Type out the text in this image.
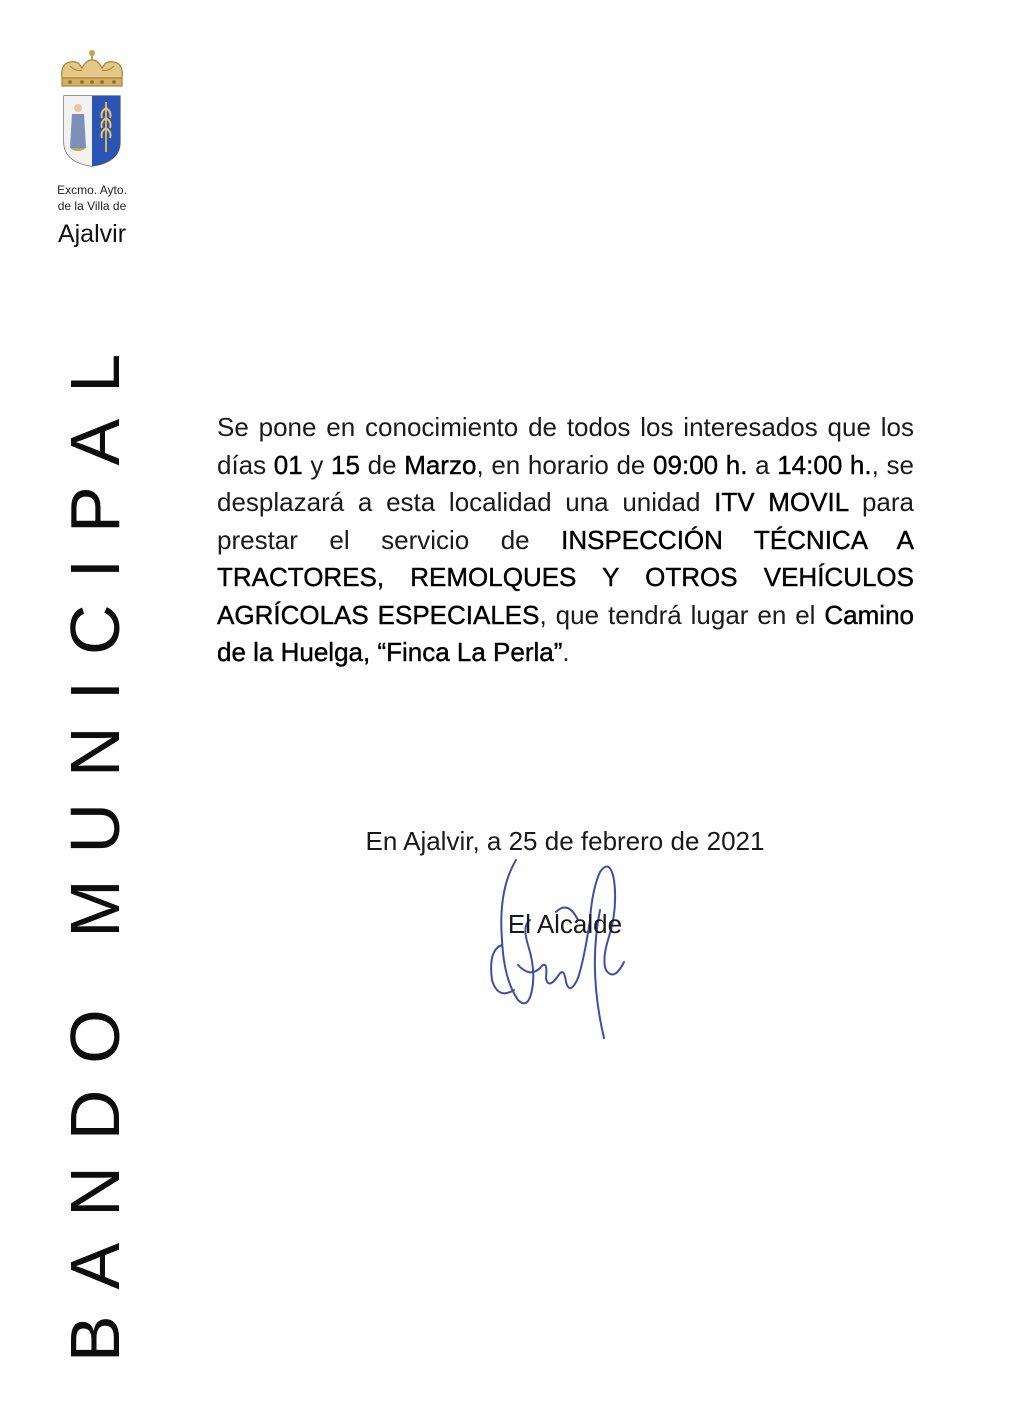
Excmo. Ayto.
de la Villa de
Ajalvir
BANDO MUNICIPAL	Se pone en conocimiento de todos los interesados que los días 01 y 15 de Marzo, en horario de 09:00 h. a 14:00 h., se desplazará a esta localidad una unidad ITV MOVIL para prestar el servicio de INSPECCIÓN TÉCNICA A TRACTORES, REMOLQUES Y OTROS VEHÍCULOS AGRÍCOLAS ESPECIALES, que tendrá lugar en el Camino de la Huelga, “Finca La Perla”.
En Ajalvir, a 25 de febrero de 2021
El Alcalde
